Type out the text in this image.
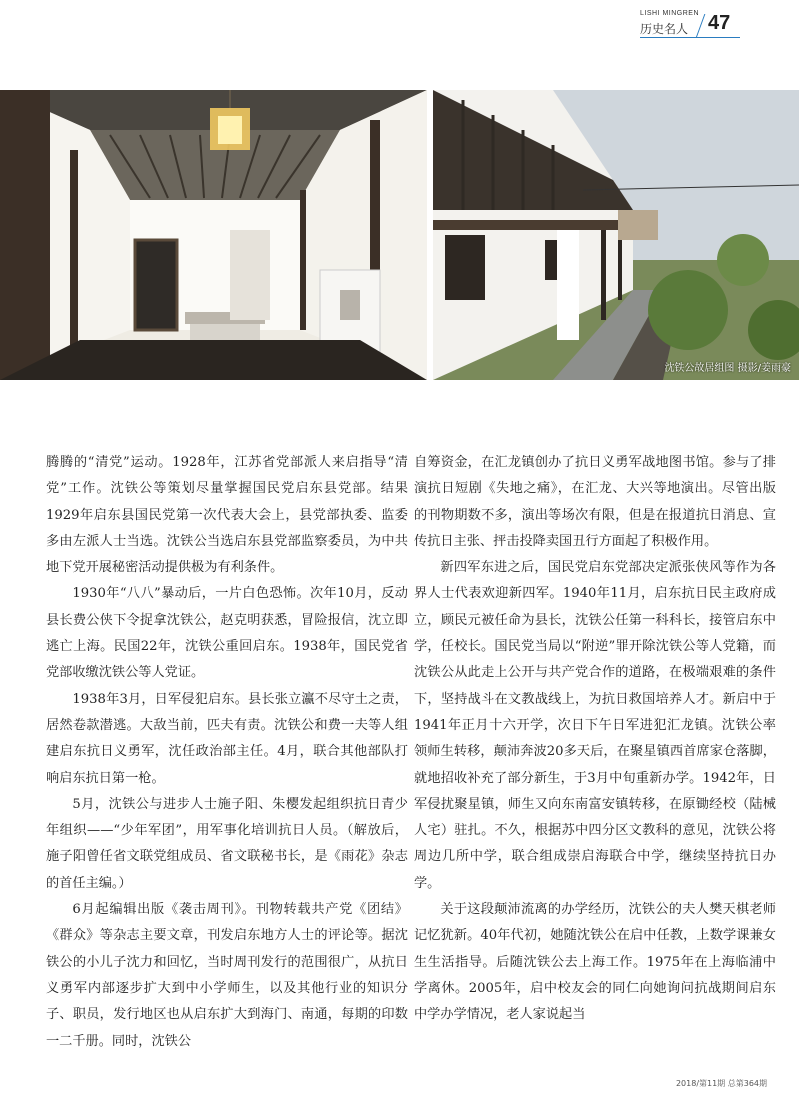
LISHI MINGREN
历史名人 47
沈铁公故居组图 摄影/姜雨豪

腾腾的“清党”运动。1928年，江苏省党部派人来启指导“清党”工作。沈铁公等策划尽量掌握国民党启东县党部。结果1929年启东县国民党第一次代表大会上，县党部执委、监委多由左派人士当选。沈铁公当选启东县党部监察委员，为中共地下党开展秘密活动提供极为有利条件。

1930年“八八”暴动后，一片白色恐怖。次年10月，反动县长费公侠下令捉拿沈铁公，赵克明获悉，冒险报信，沈立即逃亡上海。民国22年，沈铁公重回启东。1938年，国民党省党部收缴沈铁公等人党证。

1938年3月，日军侵犯启东。县长张立瀛不尽守土之责，居然卷款潜逃。大敌当前，匹夫有责。沈铁公和费一夫等人组建启东抗日义勇军，沈任政治部主任。4月，联合其他部队打响启东抗日第一枪。

5月，沈铁公与进步人士施子阳、朱樱发起组织抗日青少年组织——“少年军团”，用军事化培训抗日人员。（解放后，施子阳曾任省文联党组成员、省文联秘书长，是《雨花》杂志的首任主编。）

6月起编辑出版《袭击周刊》。刊物转载共产党《团结》《群众》等杂志主要文章，刊发启东地方人士的评论等。据沈铁公的小儿子沈力和回忆，当时周刊发行的范围很广，从抗日义勇军内部逐步扩大到中小学师生，以及其他行业的知识分子、职员，发行地区也从启东扩大到海门、南通，每期的印数一二千册。同时，沈铁公

自筹资金，在汇龙镇创办了抗日义勇军战地图书馆。参与了排演抗日短剧《失地之痛》，在汇龙、大兴等地演出。尽管出版的刊物期数不多，演出等场次有限，但是在报道抗日消息、宣传抗日主张、抨击投降卖国丑行方面起了积极作用。

新四军东进之后，国民党启东党部决定派张侠风等作为各界人士代表欢迎新四军。1940年11月，启东抗日民主政府成立，顾民元被任命为县长，沈铁公任第一科科长，接管启东中学，任校长。国民党当局以“附逆”罪开除沈铁公等人党籍，而沈铁公从此走上公开与共产党合作的道路，在极端艰难的条件下，坚持战斗在文教战线上，为抗日救国培养人才。新启中于1941年正月十六开学，次日下午日军进犯汇龙镇。沈铁公率领师生转移，颠沛奔波20多天后，在聚星镇西首席家仓落脚，就地招收补充了部分新生，于3月中旬重新办学。1942年，日军侵扰聚星镇，师生又向东南富安镇转移，在原锄经校（陆械人宅）驻扎。不久，根据苏中四分区文教科的意见，沈铁公将周边几所中学，联合组成崇启海联合中学，继续坚持抗日办学。

关于这段颠沛流离的办学经历，沈铁公的夫人樊天棋老师记忆犹新。40年代初，她随沈铁公在启中任教，上数学课兼女生生活指导。后随沈铁公去上海工作。1975年在上海临浦中学离休。2005年，启中校友会的同仁向她询问抗战期间启东中学办学情况，老人家说起当

2018/第11期 总第364期
